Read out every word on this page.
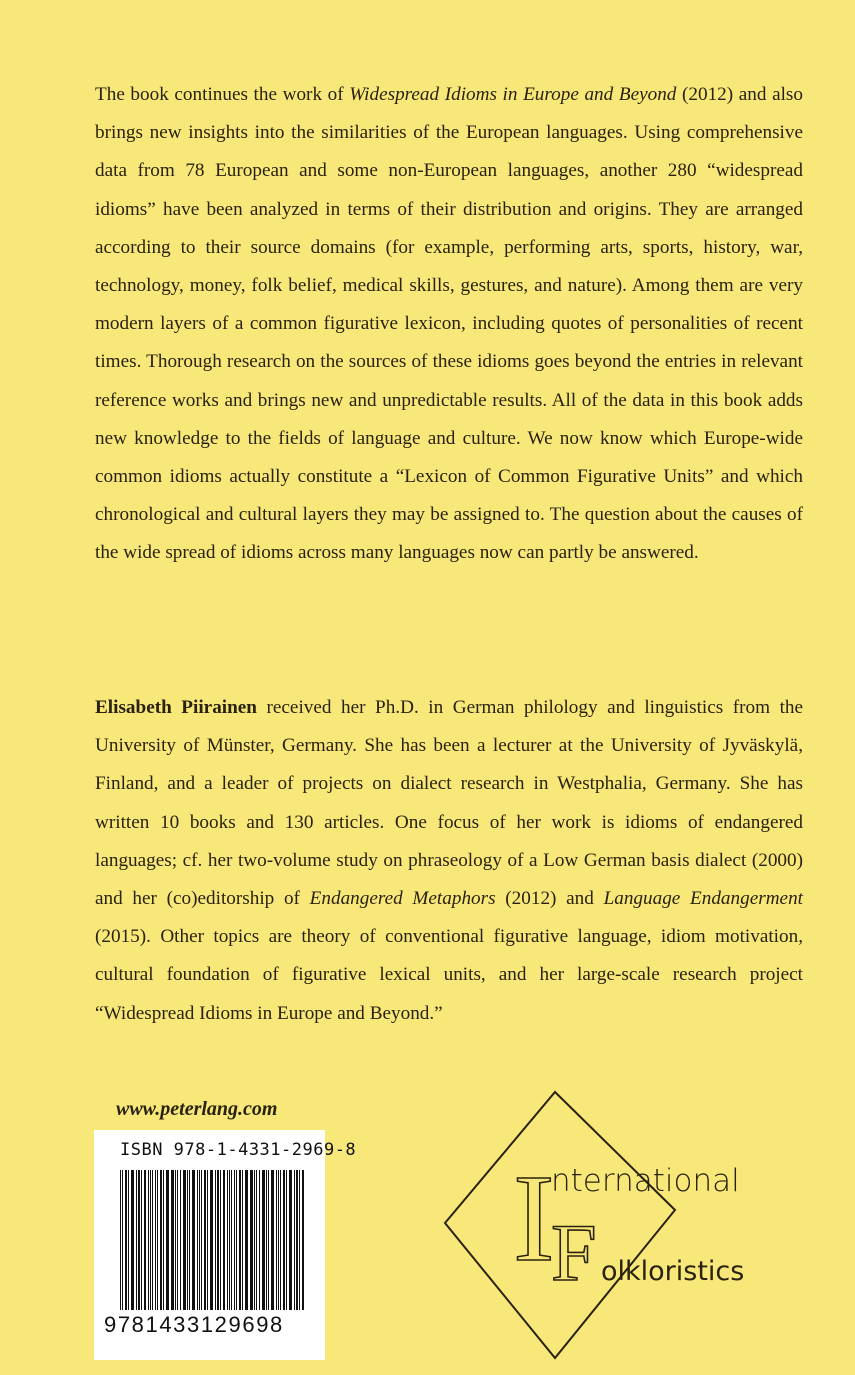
The book continues the work of Widespread Idioms in Europe and Beyond (2012) and also brings new insights into the similarities of the European languages. Using comprehensive data from 78 European and some non-European languages, another 280 “widespread idioms” have been analyzed in terms of their distribution and origins. They are arranged according to their source domains (for example, performing arts, sports, history, war, technology, money, folk belief, medical skills, gestures, and nature). Among them are very modern layers of a common figurative lexicon, including quotes of personalities of recent times. Thorough research on the sources of these idioms goes beyond the entries in relevant reference works and brings new and unpredictable results. All of the data in this book adds new knowledge to the fields of language and culture. We now know which Europe-wide common idioms actually constitute a “Lexicon of Common Figurative Units” and which chronological and cultural layers they may be assigned to. The question about the causes of the wide spread of idioms across many languages now can partly be answered.
Elisabeth Piirainen received her Ph.D. in German philology and linguistics from the University of Münster, Germany. She has been a lecturer at the University of Jyväskylä, Finland, and a leader of projects on dialect research in Westphalia, Germany. She has written 10 books and 130 articles. One focus of her work is idioms of endangered languages; cf. her two-volume study on phraseology of a Low German basis dialect (2000) and her (co)editorship of Endangered Metaphors (2012) and Language Endangerment (2015). Other topics are theory of conventional figurative language, idiom motivation, cultural foundation of figurative lexical units, and her large-scale research project “Widespread Idioms in Europe and Beyond.”
www.peterlang.com
ISBN 978-1-4331-2969-8
9781433129698
I
nternational
F olkloristics
